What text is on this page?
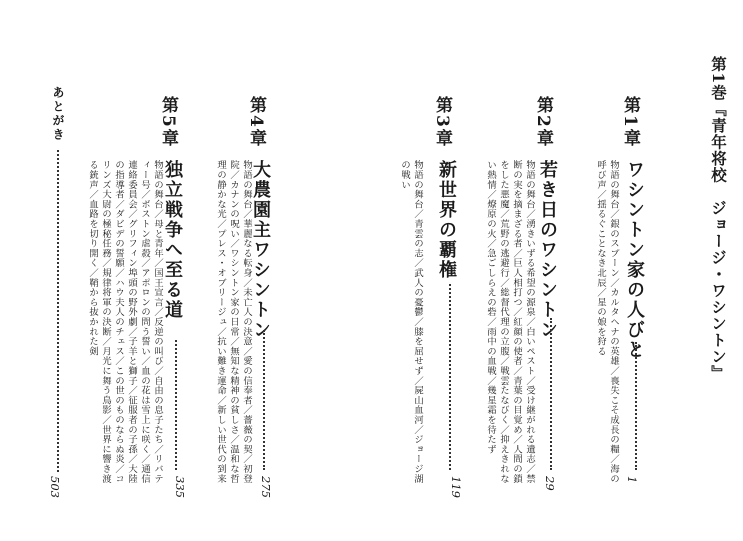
第1巻『青年将校　ジョージ・ワシントン』
第1章
ワシントン家の人びと
1
物語の舞台／銀のスプーン／カルタヘナの英雄／喪失こそ成長の糧／海の呼び声／揺るぐことなき北辰／星の娘を狩る
第2章
若き日のワシントン
29
物語の舞台／湧きいずる希望の源泉／白いペスト／受け継がれる遺志／禁断の実を摘まざる者／巨人相打つ／紅顔の使者／青葉の目覚め／人間の鎖をした悪魔／荒野の逃避行／総督代理の立腹／戦雲たなびく／抑えきれない熱情／燎原の火／急ごしらえの砦／雨中の血戦／幾星霜を待たず
第3章
新世界の覇権
119
物語の舞台／青雲の志／武人の憂鬱／膝を屈せず／屍山血河／ジョージ湖の戦い
第4章
大農園主ワシントン
275
物語の舞台／華麗なる転身／未亡人の決意／愛の信奉者／薔薇の契／初登院／カナンの呪い／ワシントン家の日常／無知な精神の貧しさ／温和な哲理の静かな光／プレス・オブリージュ／抗い難き運命／新しい世代の到来
第5章
独立戦争へ至る道
335
物語の舞台／母と青年／国王宣言／反逆の叫び／自由の息子たち／リバティー号／ボストン虐殺／アポロンの問う誓い／血の花は雪上に咲く／通信連絡委員会／グリフィン埠頭の野外劇／子羊と獅子／征服者の子孫／大陸の指導者／ダビデの誓願／ハウ夫人のチェス／この世のものならぬ炎／コリンズ大尉の極秘任務／規律将軍の決断／月光に舞う鳥影／世界に響き渡る銃声／血路を切り開く／鞘から抜かれた剣
あとがき
503
